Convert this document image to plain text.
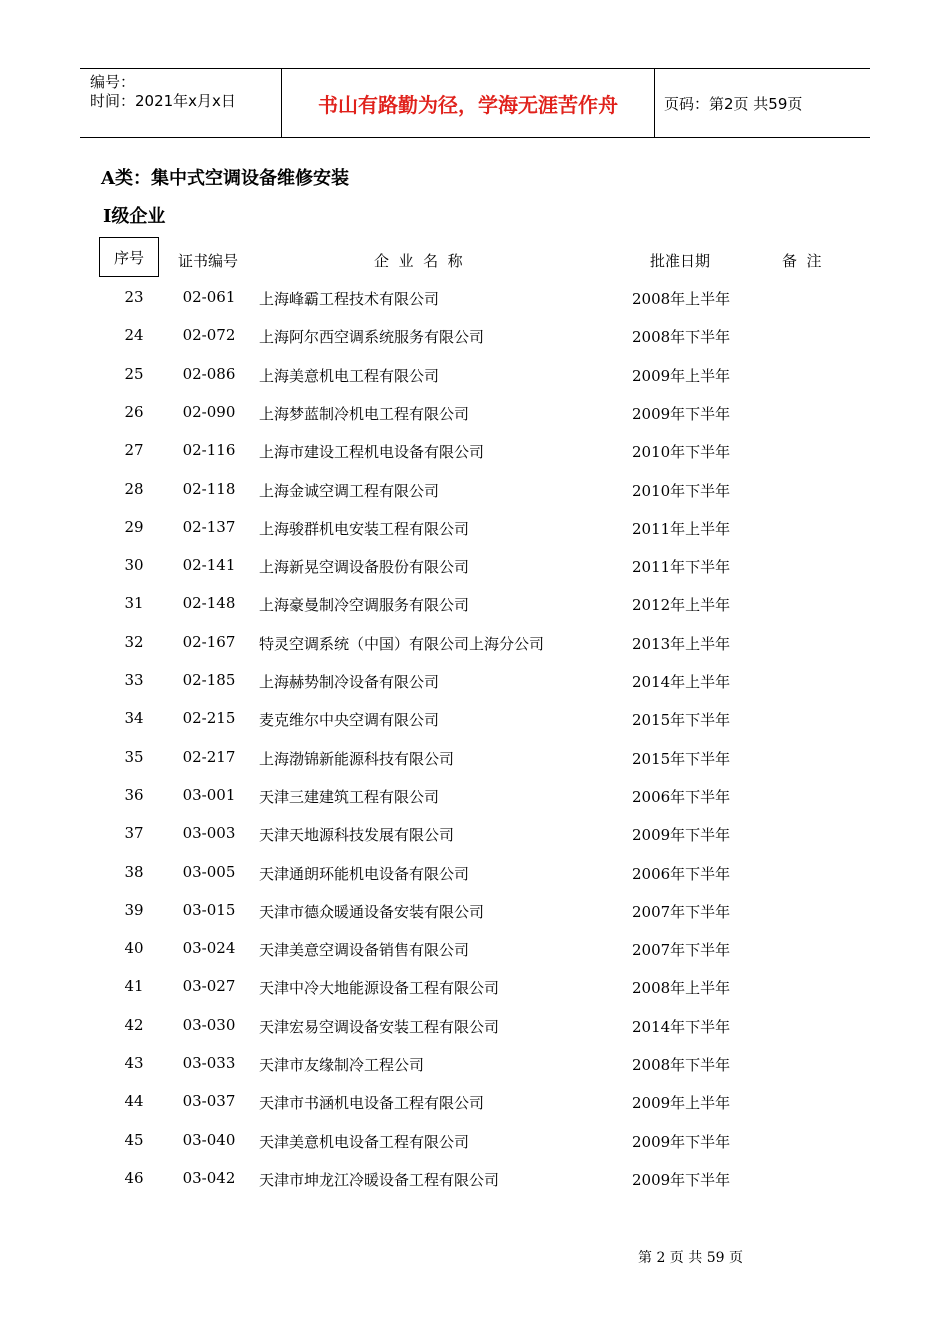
编号：
时间：2021年x月x日	书山有路勤为径，学海无涯苦作舟	页码：第2页 共59页
A类：集中式空调设备维修安装
Ⅰ级企业
序号	证书编号	企  业  名  称	批准日期	备  注
23	02-061	上海峰霸工程技术有限公司	2008年上半年
24	02-072	上海阿尔西空调系统服务有限公司	2008年下半年
25	02-086	上海美意机电工程有限公司	2009年上半年
26	02-090	上海梦蓝制冷机电工程有限公司	2009年下半年
27	02-116	上海市建设工程机电设备有限公司	2010年下半年
28	02-118	上海金诚空调工程有限公司	2010年下半年
29	02-137	上海骏群机电安装工程有限公司	2011年上半年
30	02-141	上海新晃空调设备股份有限公司	2011年下半年
31	02-148	上海豪曼制冷空调服务有限公司	2012年上半年
32	02-167	特灵空调系统（中国）有限公司上海分公司	2013年上半年
33	02-185	上海赫势制冷设备有限公司	2014年上半年
34	02-215	麦克维尔中央空调有限公司	2015年下半年
35	02-217	上海渤锦新能源科技有限公司	2015年下半年
36	03-001	天津三建建筑工程有限公司	2006年下半年
37	03-003	天津天地源科技发展有限公司	2009年下半年
38	03-005	天津通朗环能机电设备有限公司	2006年下半年
39	03-015	天津市德众暖通设备安装有限公司	2007年下半年
40	03-024	天津美意空调设备销售有限公司	2007年下半年
41	03-027	天津中冷大地能源设备工程有限公司	2008年上半年
42	03-030	天津宏易空调设备安装工程有限公司	2014年下半年
43	03-033	天津市友缘制冷工程公司	2008年下半年
44	03-037	天津市书涵机电设备工程有限公司	2009年上半年
45	03-040	天津美意机电设备工程有限公司	2009年下半年
46	03-042	天津市坤龙江冷暖设备工程有限公司	2009年下半年
第 2 页 共 59 页
